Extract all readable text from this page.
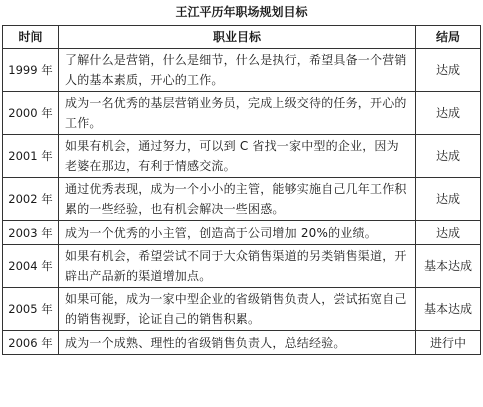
王江平历年职场规划目标
时间	职业目标	结局
1999 年	了解什么是营销，什么是细节，什么是执行，希望具备一个营销人的基本素质，开心的工作。	达成
2000 年	成为一名优秀的基层营销业务员，完成上级交待的任务，开心的工作。	达成
2001 年	如果有机会，通过努力，可以到 C 省找一家中型的企业，因为老婆在那边，有利于情感交流。	达成
2002 年	通过优秀表现，成为一个小小的主管，能够实施自己几年工作积累的一些经验，也有机会解决一些困惑。	达成
2003 年	成为一个优秀的小主管，创造高于公司增加 20%的业绩。	达成
2004 年	如果有机会，希望尝试不同于大众销售渠道的另类销售渠道，开辟出产品新的渠道增加点。	基本达成
2005 年	如果可能，成为一家中型企业的省级销售负责人，尝试拓宽自己的销售视野，论证自己的销售积累。	基本达成
2006 年	成为一个成熟、理性的省级销售负责人，总结经验。	进行中
